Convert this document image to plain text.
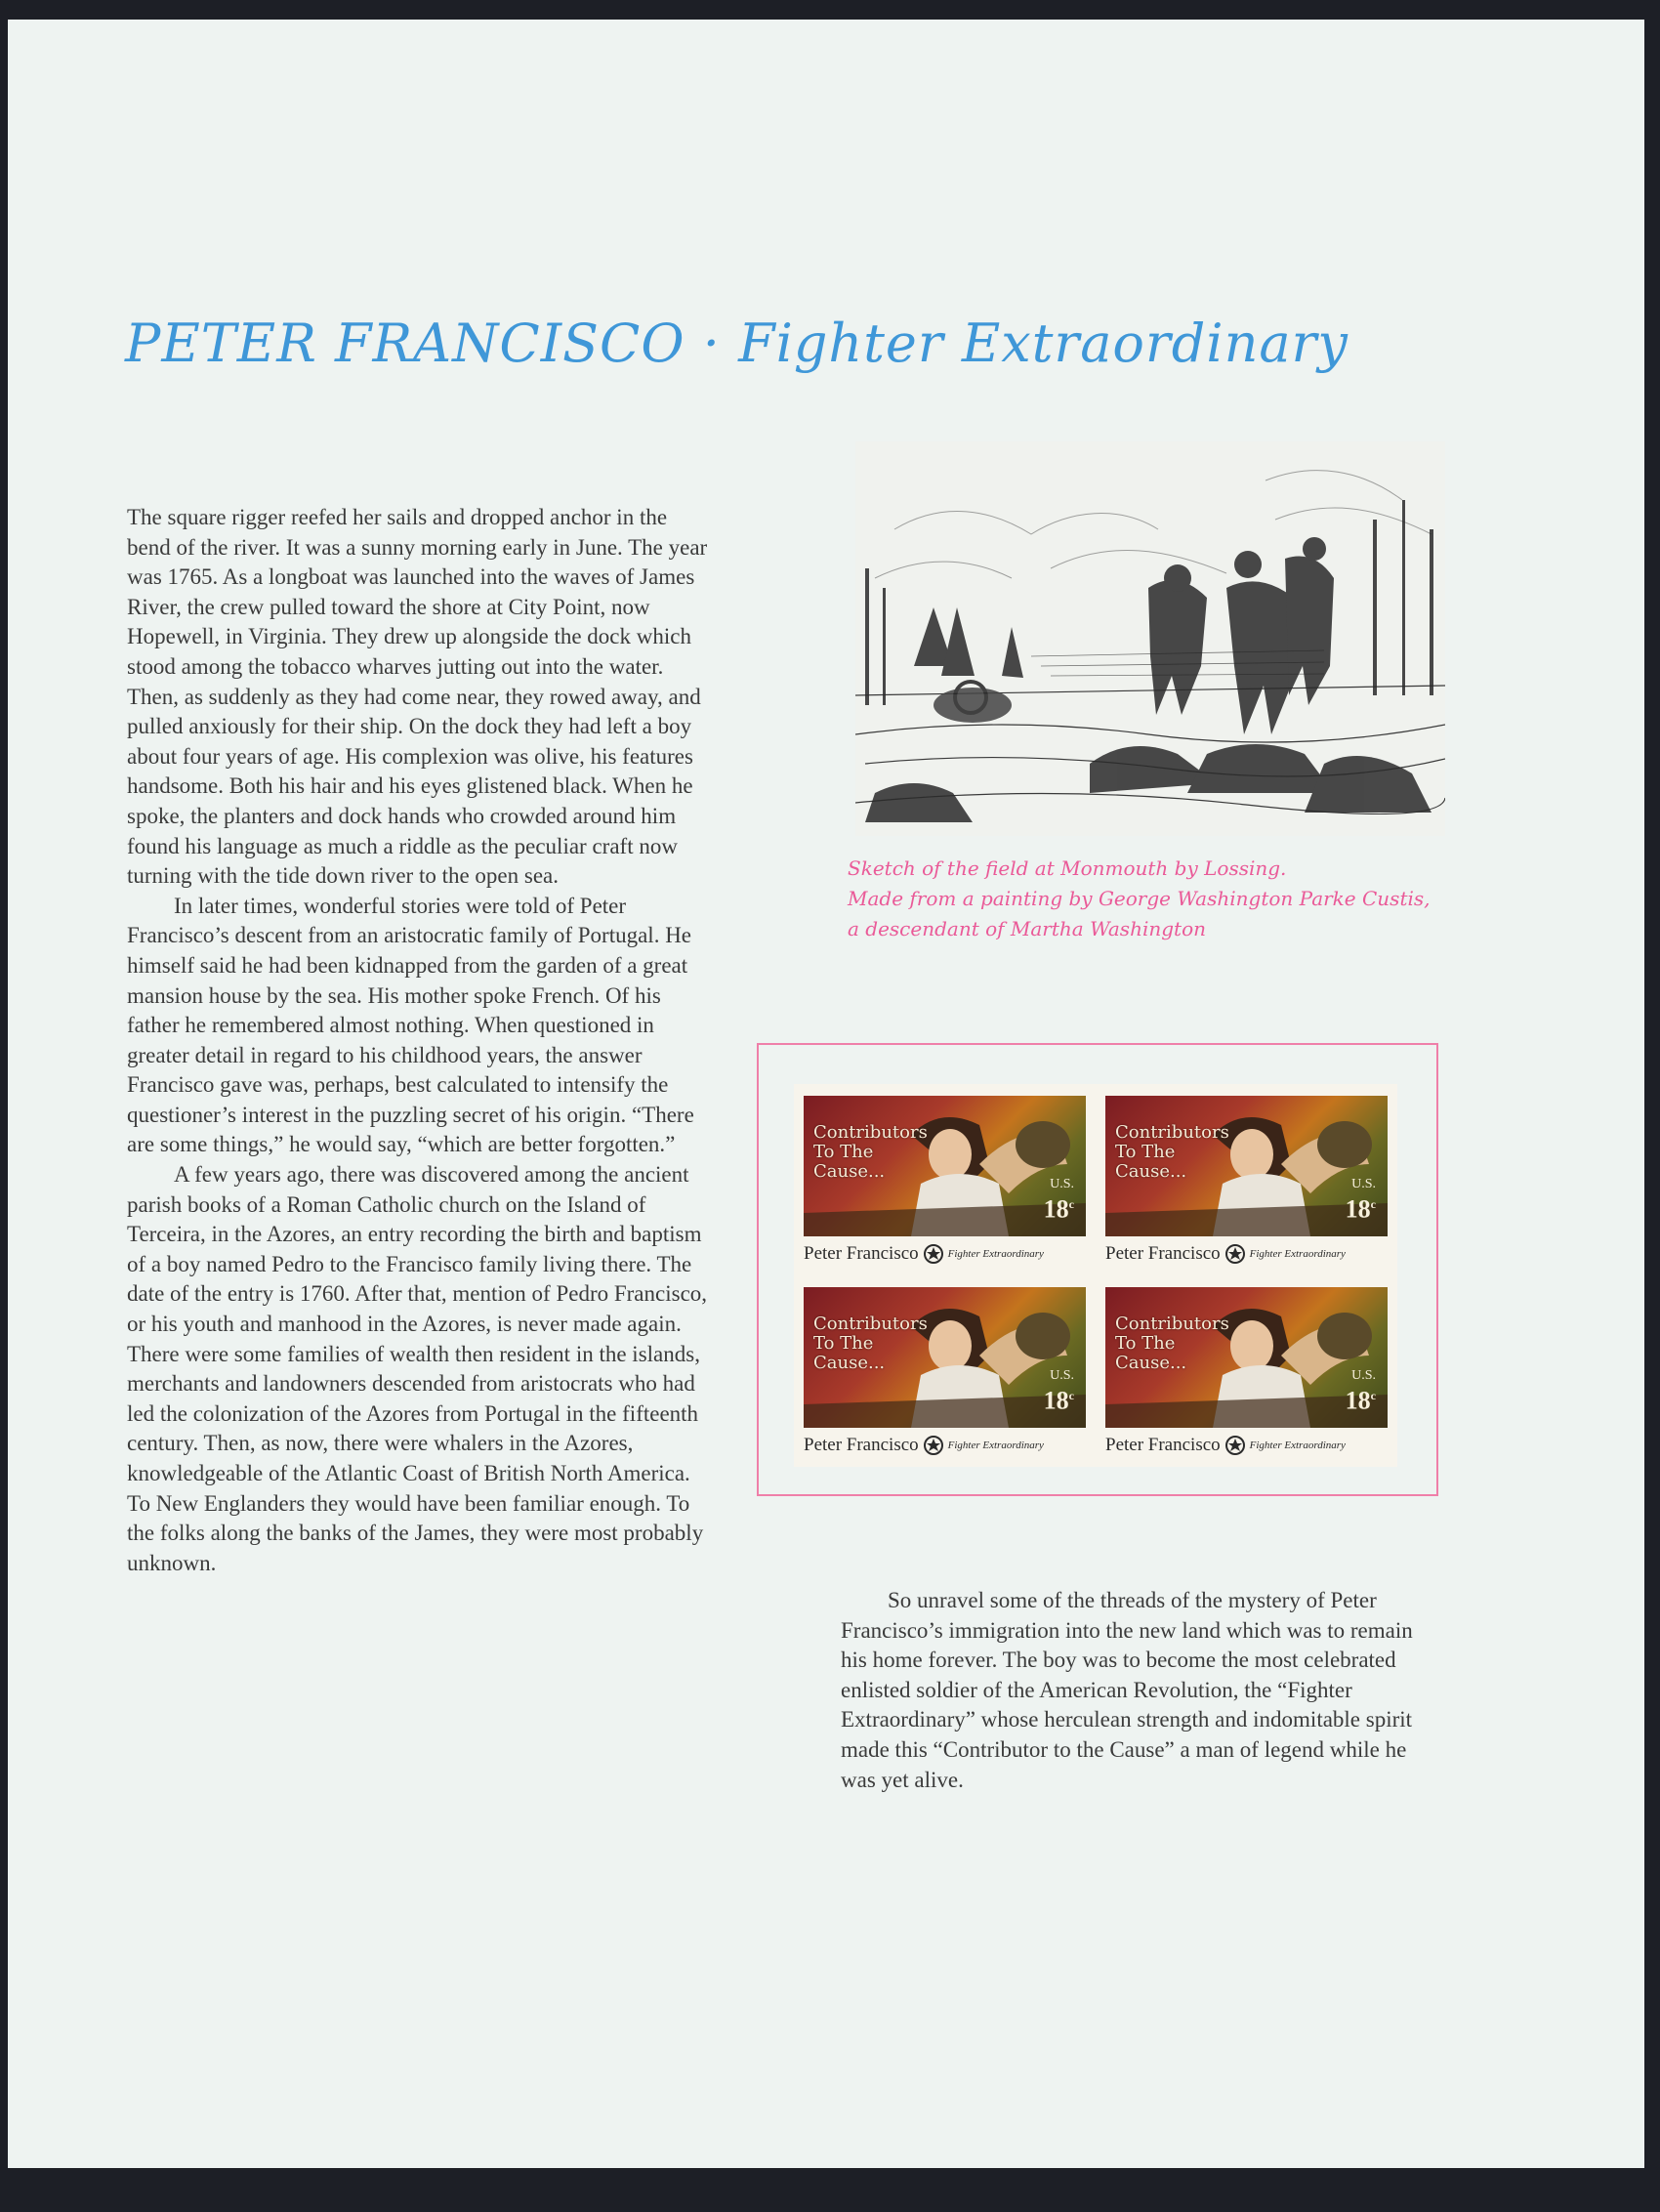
PETER FRANCISCO · Fighter Extraordinary

The square rigger reefed her sails and dropped anchor in the bend of the river. It was a sunny morning early in June. The year was 1765. As a longboat was launched into the waves of James River, the crew pulled toward the shore at City Point, now Hopewell, in Virginia. They drew up alongside the dock which stood among the tobacco wharves jutting out into the water. Then, as suddenly as they had come near, they rowed away, and pulled anxiously for their ship. On the dock they had left a boy about four years of age. His complexion was olive, his features handsome. Both his hair and his eyes glistened black. When he spoke, the planters and dock hands who crowded around him found his language as much a riddle as the peculiar craft now turning with the tide down river to the open sea.

In later times, wonderful stories were told of Peter Francisco’s descent from an aristocratic family of Portugal. He himself said he had been kidnapped from the garden of a great mansion house by the sea. His mother spoke French. Of his father he remembered almost nothing. When questioned in greater detail in regard to his childhood years, the answer Francisco gave was, perhaps, best calculated to intensify the questioner’s interest in the puzzling secret of his origin. “There are some things,” he would say, “which are better forgotten.”

A few years ago, there was discovered among the ancient parish books of a Roman Catholic church on the Island of Terceira, in the Azores, an entry recording the birth and baptism of a boy named Pedro to the Francisco family living there. The date of the entry is 1760. After that, mention of Pedro Francisco, or his youth and manhood in the Azores, is never made again. There were some families of wealth then resident in the islands, merchants and landowners descended from aristocrats who had led the colonization of the Azores from Portugal in the fifteenth century. Then, as now, there were whalers in the Azores, knowledgeable of the Atlantic Coast of British North America. To New Englanders they would have been familiar enough. To the folks along the banks of the James, they were most probably unknown.

Sketch of the field at Monmouth by Lossing.
Made from a painting by George Washington Parke Custis,
a descendant of Martha Washington
Contributors
To The
Cause...
U.S.
18$^c$
Peter Francisco	Fighter Extraordinary
Contributors
To The
Cause...
U.S.
18$^c$
Peter Francisco	Fighter Extraordinary
Contributors
To The
Cause...
U.S.
18$^c$
Peter Francisco	Fighter Extraordinary
Contributors
To The
Cause...
U.S.
18$^c$
Peter Francisco	Fighter Extraordinary

So unravel some of the threads of the mystery of Peter Francisco’s immigration into the new land which was to remain his home forever. The boy was to become the most celebrated enlisted soldier of the American Revolution, the “Fighter Extraordinary” whose herculean strength and indomitable spirit made this “Contributor to the Cause” a man of legend while he was yet alive.
